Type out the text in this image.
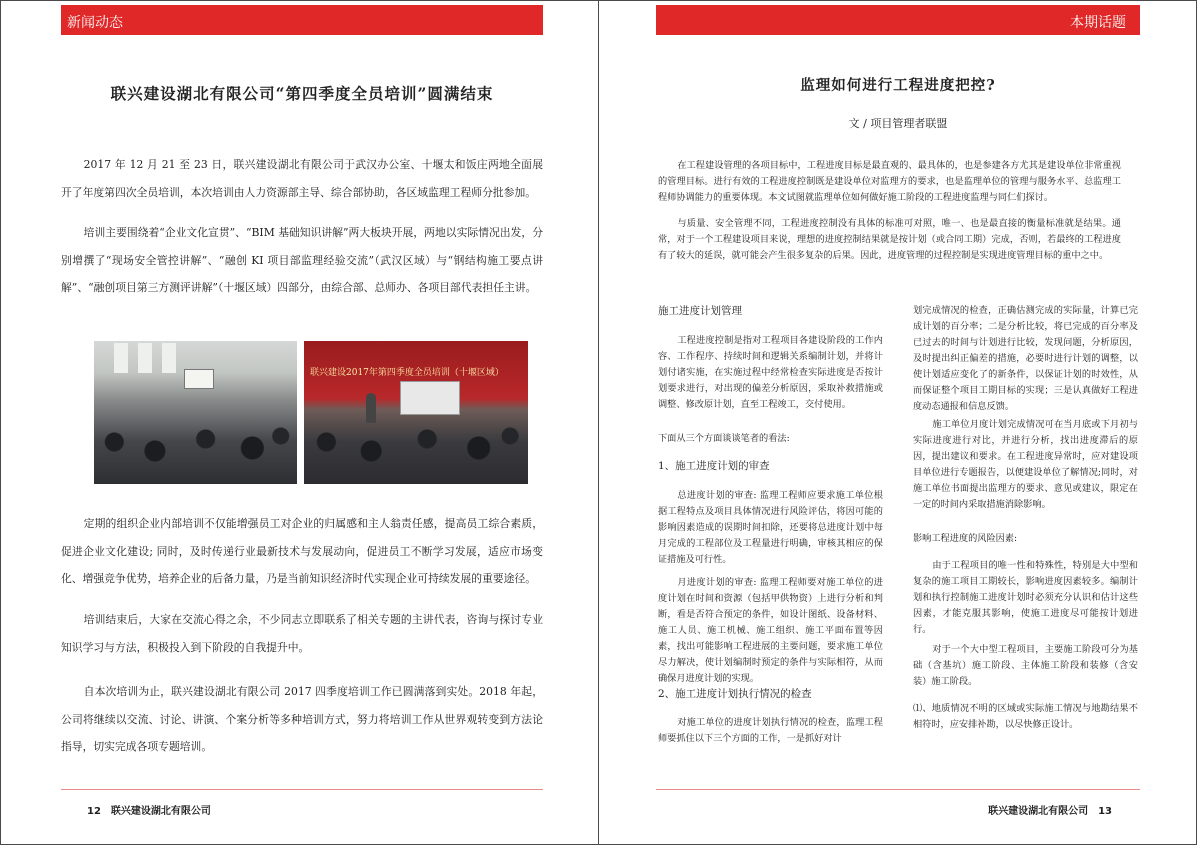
新闻动态
联兴建设湖北有限公司“第四季度全员培训”圆满结束

2017 年 12 月 21 至 23 日，联兴建设湖北有限公司于武汉办公室、十堰太和饭庄两地全面展开了年度第四次全员培训，本次培训由人力资源部主导、综合部协助，各区域监理工程师分批参加。

培训主要围绕着“企业文化宣贯”、“BIM 基础知识讲解”两大板块开展，两地以实际情况出发，分别增撰了“现场安全管控讲解”、“融创 KI 项目部监理经验交流”（武汉区域）与“钢结构施工要点讲解”、“融创项目第三方测评讲解”（十堰区域）四部分，由综合部、总师办、各项目部代表担任主讲。

联兴建设2017年第四季度全员培训（十堰区域）

定期的组织企业内部培训不仅能增强员工对企业的归属感和主人翁责任感，提高员工综合素质，促进企业文化建设; 同时，及时传递行业最新技术与发展动向，促进员工不断学习发展，适应市场变化、增强竞争优势，培养企业的后备力量，乃是当前知识经济时代实现企业可持续发展的重要途径。

培训结束后，大家在交流心得之余，不少同志立即联系了相关专题的主讲代表，咨询与探讨专业知识学习与方法，积极投入到下阶段的自我提升中。

自本次培训为止，联兴建设湖北有限公司 2017 四季度培训工作已圆满落到实处。2018 年起，公司将继续以交流、讨论、讲演、个案分析等多种培训方式，努力将培训工作从世界观转变到方法论指导，切实完成各项专题培训。

12　联兴建设湖北有限公司
本期话题
监理如何进行工程进度把控?
文 / 项目管理者联盟

在工程建设管理的各项目标中，工程进度目标是最直观的、最具体的，也是参建各方尤其是建设单位非常重视的管理目标。进行有效的工程进度控制既是建设单位对监理方的要求，也是监理单位的管理与服务水平、总监理工程师协调能力的重要体现。本文试图就监理单位如何做好施工阶段的工程进度监理与同仁们探讨。

与质量、安全管理不同，工程进度控制没有具体的标准可对照，唯一、也是最直接的衡量标准就是结果。通常，对于一个工程建设项目来说，理想的进度控制结果就是按计划（或合同工期）完成，否则，若最终的工程进度有了较大的延误，就可能会产生很多复杂的后果。因此，进度管理的过程控制是实现进度管理目标的重中之中。

施工进度计划管理

工程进度控制是指对工程项目各建设阶段的工作内容、工作程序、持续时间和逻辑关系编制计划，并将计划付诸实施，在实施过程中经常检查实际进度是否按计划要求进行，对出现的偏差分析原因，采取补救措施或调整、修改原计划，直至工程竣工，交付使用。

下面从三个方面谈谈笔者的看法:

1、施工进度计划的审查

总进度计划的审查: 监理工程师应要求施工单位根据工程特点及项目具体情况进行风险评估，将因可能的影响因素造成的误期时间扣除，还要将总进度计划中每月完成的工程部位及工程量进行明确，审核其相应的保证措施及可行性。

月进度计划的审查: 监理工程师要对施工单位的进度计划在时间和资源（包括甲供物资）上进行分析和判断，看是否符合预定的条件，如设计图纸、设备材料、施工人员、施工机械、施工组织、施工平面布置等因素，找出可能影响工程进展的主要问题，要求施工单位尽力解决，使计划编制时预定的条件与实际相符，从而确保月进度计划的实现。

2、施工进度计划执行情况的检查

对施工单位的进度计划执行情况的检查，监理工程师要抓住以下三个方面的工作，一是抓好对计

划完成情况的检查，正确估测完成的实际量，计算已完成计划的百分率；二是分析比较，将已完成的百分率及已过去的时间与计划进行比较，发现问题，分析原因，及时提出纠正偏差的措施，必要时进行计划的调整，以使计划适应变化了的新条件，以保证计划的时效性，从而保证整个项目工期目标的实现；三是认真做好工程进度动态通报和信息反馈。

施工单位月度计划完成情况可在当月底或下月初与实际进度进行对比，并进行分析，找出进度滞后的原因，提出建议和要求。在工程进度异常时，应对建设项目单位进行专题报告，以便建设单位了解情况;同时，对施工单位书面提出监理方的要求、意见或建议，限定在一定的时间内采取措施消除影响。

影响工程进度的风险因素:

由于工程项目的唯一性和特殊性，特别是大中型和复杂的施工项目工期较长，影响进度因素较多。编制计划和执行控制施工进度计划时必须充分认识和估计这些因素，才能克服其影响，使施工进度尽可能按计划进行。

对于一个大中型工程项目，主要施工阶段可分为基础（含基坑）施工阶段、主体施工阶段和装修（含安装）施工阶段。

⑴、地质情况不明的区域或实际施工情况与地勘结果不相符时，应安排补勘，以尽快修正设计。

联兴建设湖北有限公司　13
